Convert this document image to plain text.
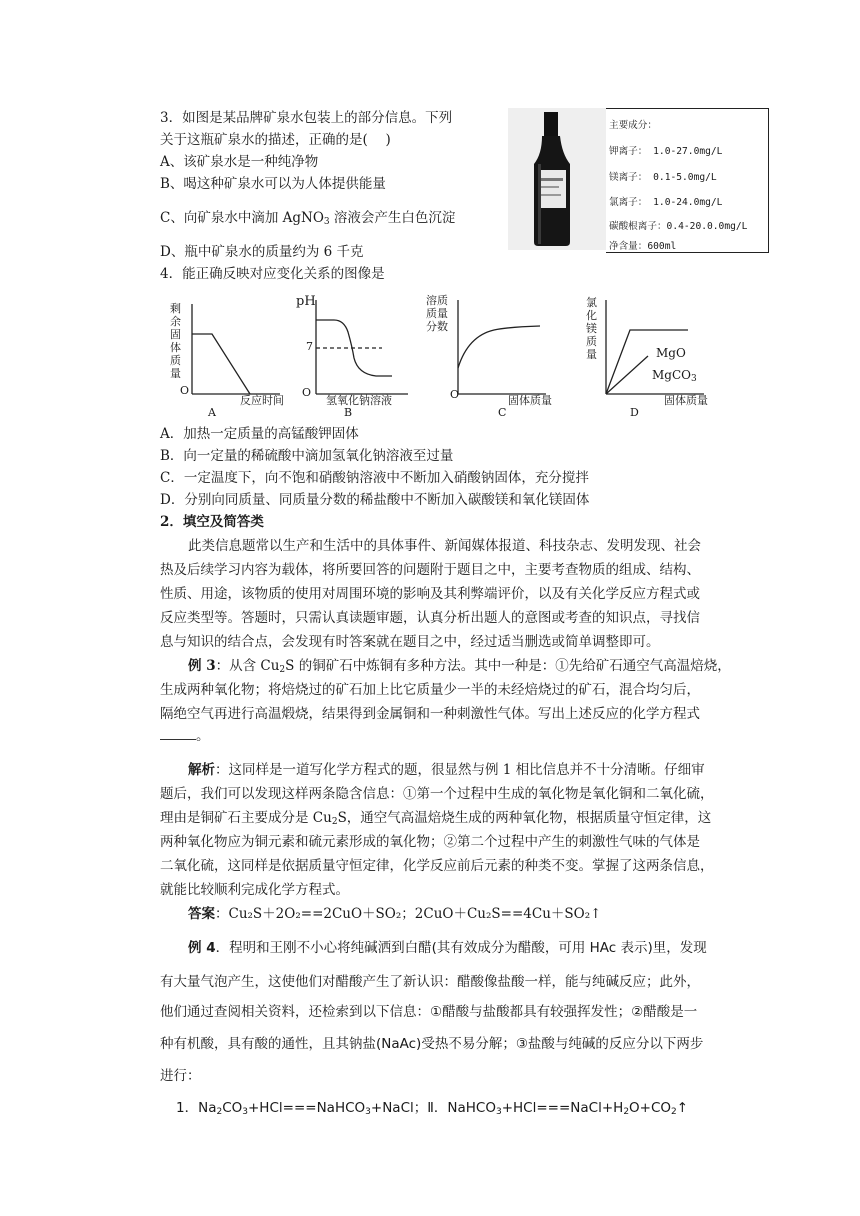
3．如图是某品牌矿泉水包装上的部分信息。下列
关于这瓶矿泉水的描述，正确的是(　 )
A、该矿泉水是一种纯净物
B、喝这种矿泉水可以为人体提供能量
C、向矿泉水中滴加 AgNO$_3$ 溶液会产生白色沉淀
D、瓶中矿泉水的质量约为 6 千克
主要成分：
钾离子： 1.0-27.0mg/L
镁离子： 0.1-5.0mg/L
氯离子： 1.0-24.0mg/L
碳酸根离子：0.4-20.0.0mg/L
净含量：600ml
4．能正确反映对应变化关系的图像是
剩余
固体
质量
O
反应时间
A
pH
7
O
氢氧化钠溶液
B
溶质
质量
分数
O	固体质量
C
氯
化
镁
质
量	MgO
MgCO$_3$
固体质量
D
A．加热一定质量的高锰酸钾固体
B．向一定量的稀硫酸中滴加氢氧化钠溶液至过量
C．一定温度下，向不饱和硝酸钠溶液中不断加入硝酸钠固体，充分搅拌
D．分别向同质量、同质量分数的稀盐酸中不断加入碳酸镁和氧化镁固体
2．填空及简答类
此类信息题常以生产和生活中的具体事件、新闻媒体报道、科技杂志、发明发现、社会
热及后续学习内容为载体，将所要回答的问题附于题目之中，主要考查物质的组成、结构、
性质、用途，该物质的使用对周围环境的影响及其利弊端评价，以及有关化学反应方程式或
反应类型等。答题时，只需认真读题审题，认真分析出题人的意图或考查的知识点，寻找信
息与知识的结合点，会发现有时答案就在题目之中，经过适当删选或简单调整即可。
例 3：从含 $Cu_2S$ 的铜矿石中炼铜有多种方法。其中一种是：①先给矿石通空气高温焙烧，
生成两种氧化物；将焙烧过的矿石加上比它质量少一半的未经焙烧过的矿石，混合均匀后，
隔绝空气再进行高温煅烧，结果得到金属铜和一种刺激性气体。写出上述反应的化学方程式
。
解析：这同样是一道写化学方程式的题，很显然与例 1 相比信息并不十分清晰。仔细审
题后，我们可以发现这样两条隐含信息：①第一个过程中生成的氧化物是氧化铜和二氧化硫，
理由是铜矿石主要成分是 $Cu_2S$，通空气高温焙烧生成的两种氧化物，根据质量守恒定律，这
两种氧化物应为铜元素和硫元素形成的氧化物；②第二个过程中产生的刺激性气味的气体是
二氧化硫，这同样是依据质量守恒定律，化学反应前后元素的种类不变。掌握了这两条信息，
就能比较顺利完成化学方程式。
答案：Cu₂S＋2O₂==2CuO＋SO₂；2CuO＋Cu₂S==4Cu＋SO₂↑
例 4．程明和王刚不小心将纯碱洒到白醋(其有效成分为醋酸，可用 HAc 表示)里，发现
有大量气泡产生，这使他们对醋酸产生了新认识：醋酸像盐酸一样，能与纯碱反应；此外，
他们通过查阅相关资料，还检索到以下信息：①醋酸与盐酸都具有较强挥发性；②醋酸是一
种有机酸，具有酸的通性，且其钠盐(NaAc)受热不易分解；③盐酸与纯碱的反应分以下两步
进行：
1．$Na_2CO_3+HCl===NaHCO_3+NaCl$；Ⅱ．$NaHCO_3+HCl===NaCl+H_2O+CO_2↑$
